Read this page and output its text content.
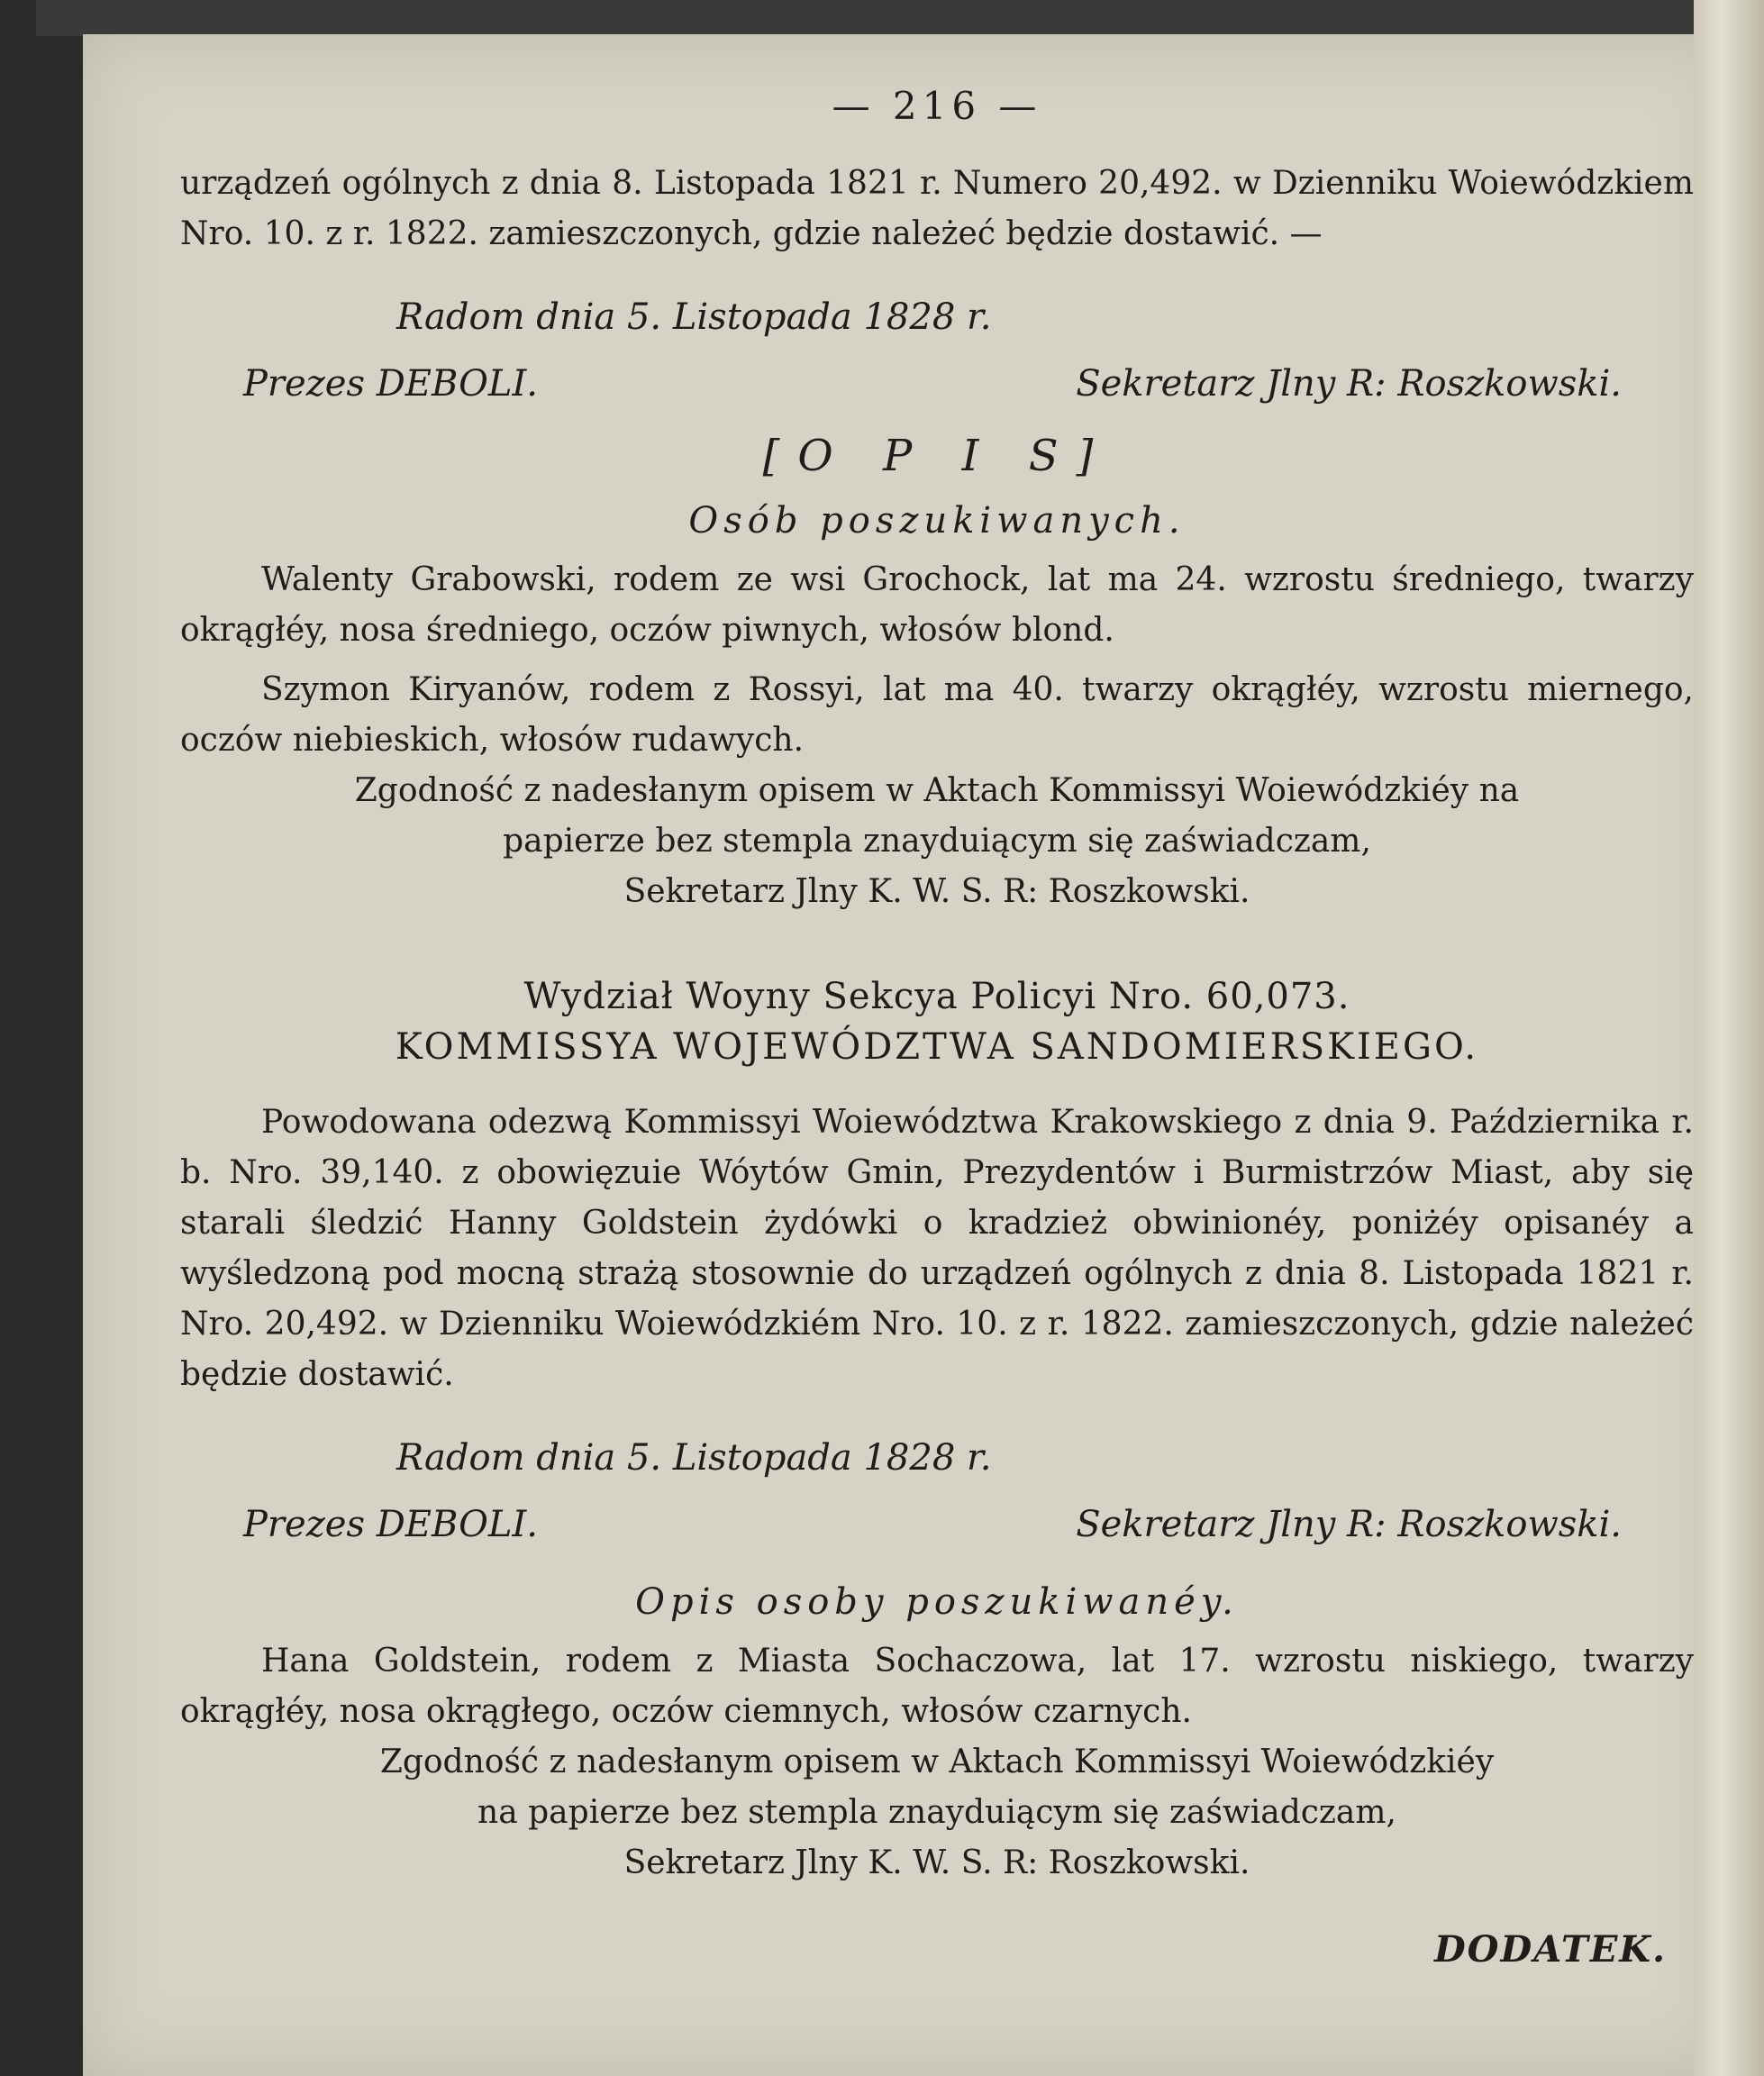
— 216 —

urządzeń ogólnych z dnia 8. Listopada 1821 r. Numero 20,492. w Dzienniku Woiewódzkiem Nro. 10. z r. 1822. zamieszczonych, gdzie należeć będzie dostawić. —

Radom dnia 5. Listopada 1828 r.
Prezes DEBOLI.	Sekretarz Jlny R: Roszkowski.
[O P I S]
Osób poszukiwanych.

Walenty Grabowski, rodem ze wsi Grochock, lat ma 24. wzrostu średniego, twarzy okrągłéy, nosa średniego, oczów piwnych, włosów blond.

Szymon Kiryanów, rodem z Rossyi, lat ma 40. twarzy okrągłéy, wzrostu miernego, oczów niebieskich, włosów rudawych.

Zgodność z nadesłanym opisem w Aktach Kommissyi Woiewódzkiéy na

papierze bez stempla znayduiącym się zaświadczam,

Sekretarz Jlny K. W. S. R: Roszkowski.

Wydział Woyny Sekcya Policyi Nro. 60,073.
KOMMISSYA WOJEWÓDZTWA SANDOMIERSKIEGO.

Powodowana odezwą Kommissyi Woiewództwa Krakowskiego z dnia 9. Października r. b. Nro. 39,140. z obowięzuie Wóytów Gmin, Prezydentów i Burmistrzów Miast, aby się starali śledzić Hanny Goldstein żydówki o kradzież obwinionéy, poniżéy opisanéy a wyśledzoną pod mocną strażą stosownie do urządzeń ogólnych z dnia 8. Listopada 1821 r. Nro. 20,492. w Dzienniku Woiewódzkiém Nro. 10. z r. 1822. zamieszczonych, gdzie należeć będzie dostawić.

Radom dnia 5. Listopada 1828 r.
Prezes DEBOLI.	Sekretarz Jlny R: Roszkowski.
Opis osoby poszukiwanéy.

Hana Goldstein, rodem z Miasta Sochaczowa, lat 17. wzrostu niskiego, twarzy okrągłéy, nosa okrągłego, oczów ciemnych, włosów czarnych.

Zgodność z nadesłanym opisem w Aktach Kommissyi Woiewódzkiéy

na papierze bez stempla znayduiącym się zaświadczam,

Sekretarz Jlny K. W. S. R: Roszkowski.

DODATEK.
